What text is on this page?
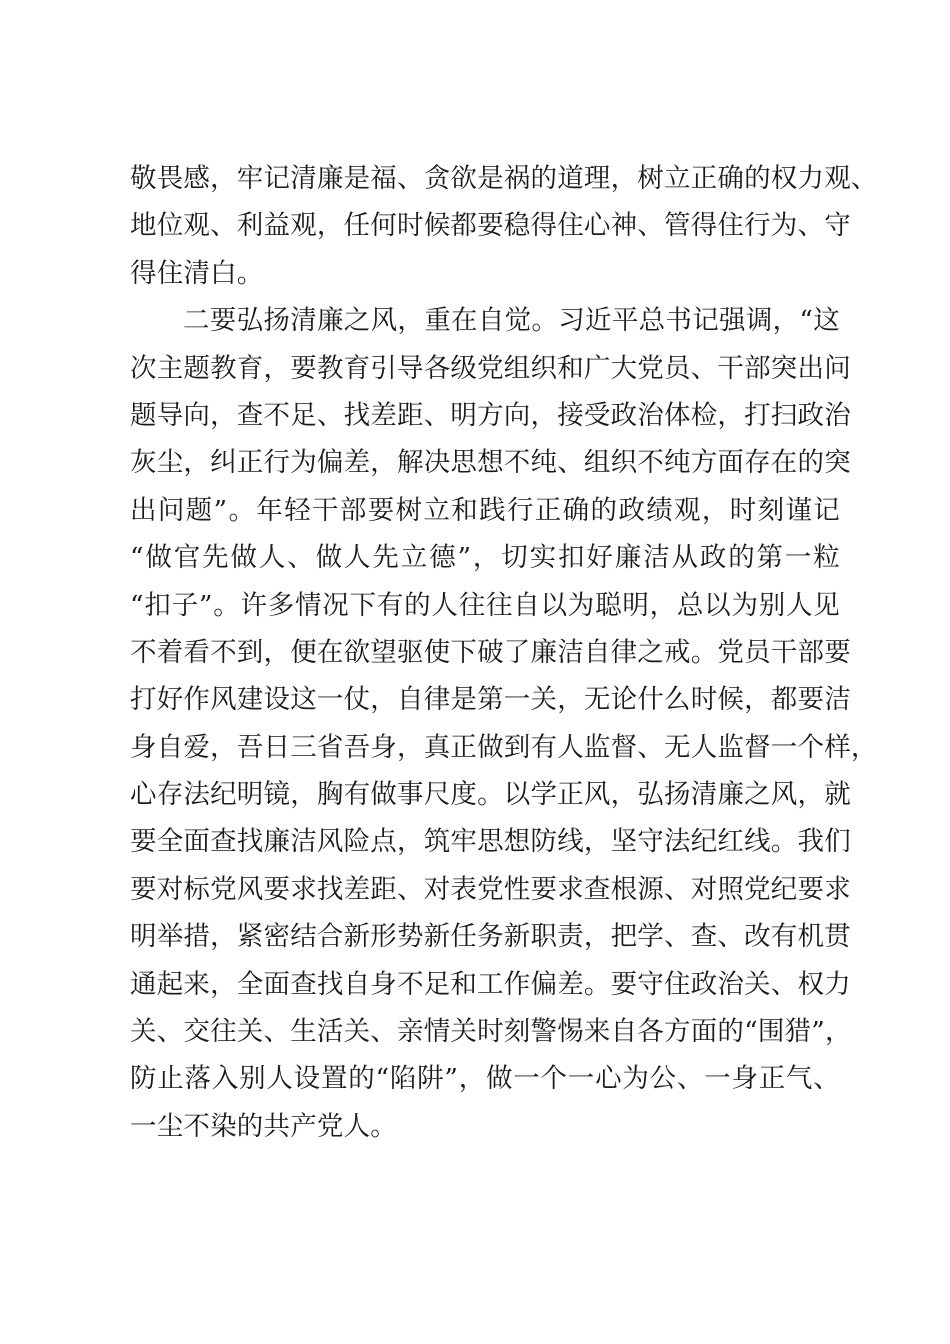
敬畏感，牢记清廉是福、贪欲是祸的道理，树立正确的权力观、
地位观、利益观，任何时候都要稳得住心神、管得住行为、守
得住清白。
二要弘扬清廉之风，重在自觉。习近平总书记强调，“这
次主题教育，要教育引导各级党组织和广大党员、干部突出问
题导向，查不足、找差距、明方向，接受政治体检，打扫政治
灰尘，纠正行为偏差，解决思想不纯、组织不纯方面存在的突
出问题”。年轻干部要树立和践行正确的政绩观，时刻谨记
“做官先做人、做人先立德”，切实扣好廉洁从政的第一粒
“扣子”。许多情况下有的人往往自以为聪明，总以为别人见
不着看不到，便在欲望驱使下破了廉洁自律之戒。党员干部要
打好作风建设这一仗，自律是第一关，无论什么时候，都要洁
身自爱，吾日三省吾身，真正做到有人监督、无人监督一个样，
心存法纪明镜，胸有做事尺度。以学正风，弘扬清廉之风，就
要全面查找廉洁风险点，筑牢思想防线，坚守法纪红线。我们
要对标党风要求找差距、对表党性要求查根源、对照党纪要求
明举措，紧密结合新形势新任务新职责，把学、查、改有机贯
通起来，全面查找自身不足和工作偏差。要守住政治关、权力
关、交往关、生活关、亲情关时刻警惕来自各方面的“围猎”，
防止落入别人设置的“陷阱”，做一个一心为公、一身正气、
一尘不染的共产党人。
